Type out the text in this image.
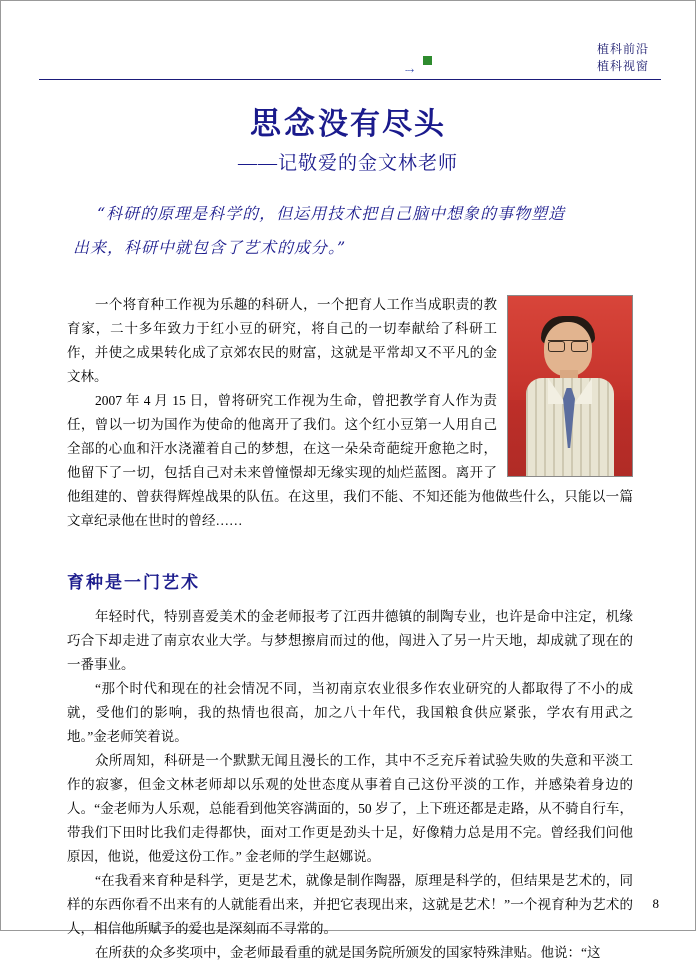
植科前沿
植科视窗
⇢
思念没有尽头
——记敬爱的金文林老师
“科研的原理是科学的，但运用技术把自己脑中想象的事物塑造
出来，科研中就包含了艺术的成分。”

一个将育种工作视为乐趣的科研人，一个把育人工作当成职责的教育家，二十多年致力于红小豆的研究，将自己的一切奉献给了科研工作，并使之成果转化成了京郊农民的财富，这就是平常却又不平凡的金文林。

2007 年 4 月 15 日，曾将研究工作视为生命，曾把教学育人作为责任，曾以一切为国作为使命的他离开了我们。这个红小豆第一人用自己全部的心血和汗水浇灌着自己的梦想，在这一朵朵奇葩绽开愈艳之时，他留下了一切，包括自己对未来曾憧憬却无缘实现的灿烂蓝图。离开了他组建的、曾获得辉煌战果的队伍。在这里，我们不能、不知还能为他做些什么，只能以一篇文章纪录他在世时的曾经……

育种是一门艺术

年轻时代，特别喜爱美术的金老师报考了江西井德镇的制陶专业，也许是命中注定，机缘巧合下却走进了南京农业大学。与梦想擦肩而过的他，闯进入了另一片天地，却成就了现在的一番事业。

“那个时代和现在的社会情况不同，当初南京农业很多作农业研究的人都取得了不小的成就，受他们的影响，我的热情也很高，加之八十年代，我国粮食供应紧张，学农有用武之地。”金老师笑着说。

众所周知，科研是一个默默无闻且漫长的工作，其中不乏充斥着试验失败的失意和平淡工作的寂寥，但金文林老师却以乐观的处世态度从事着自己这份平淡的工作，并感染着身边的人。“金老师为人乐观，总能看到他笑容满面的，50 岁了，上下班还都是走路，从不骑自行车，带我们下田时比我们走得都快，面对工作更是劲头十足，好像精力总是用不完。曾经我们问他原因，他说，他爱这份工作。” 金老师的学生赵娜说。

“在我看来育种是科学，更是艺术，就像是制作陶器，原理是科学的，但结果是艺术的，同样的东西你看不出来有的人就能看出来，并把它表现出来，这就是艺术！”一个视育种为艺术的人，相信他所赋予的爱也是深刻而不寻常的。

在所获的众多奖项中，金老师最看重的就是国务院所颁发的国家特殊津贴。他说：“这

8
